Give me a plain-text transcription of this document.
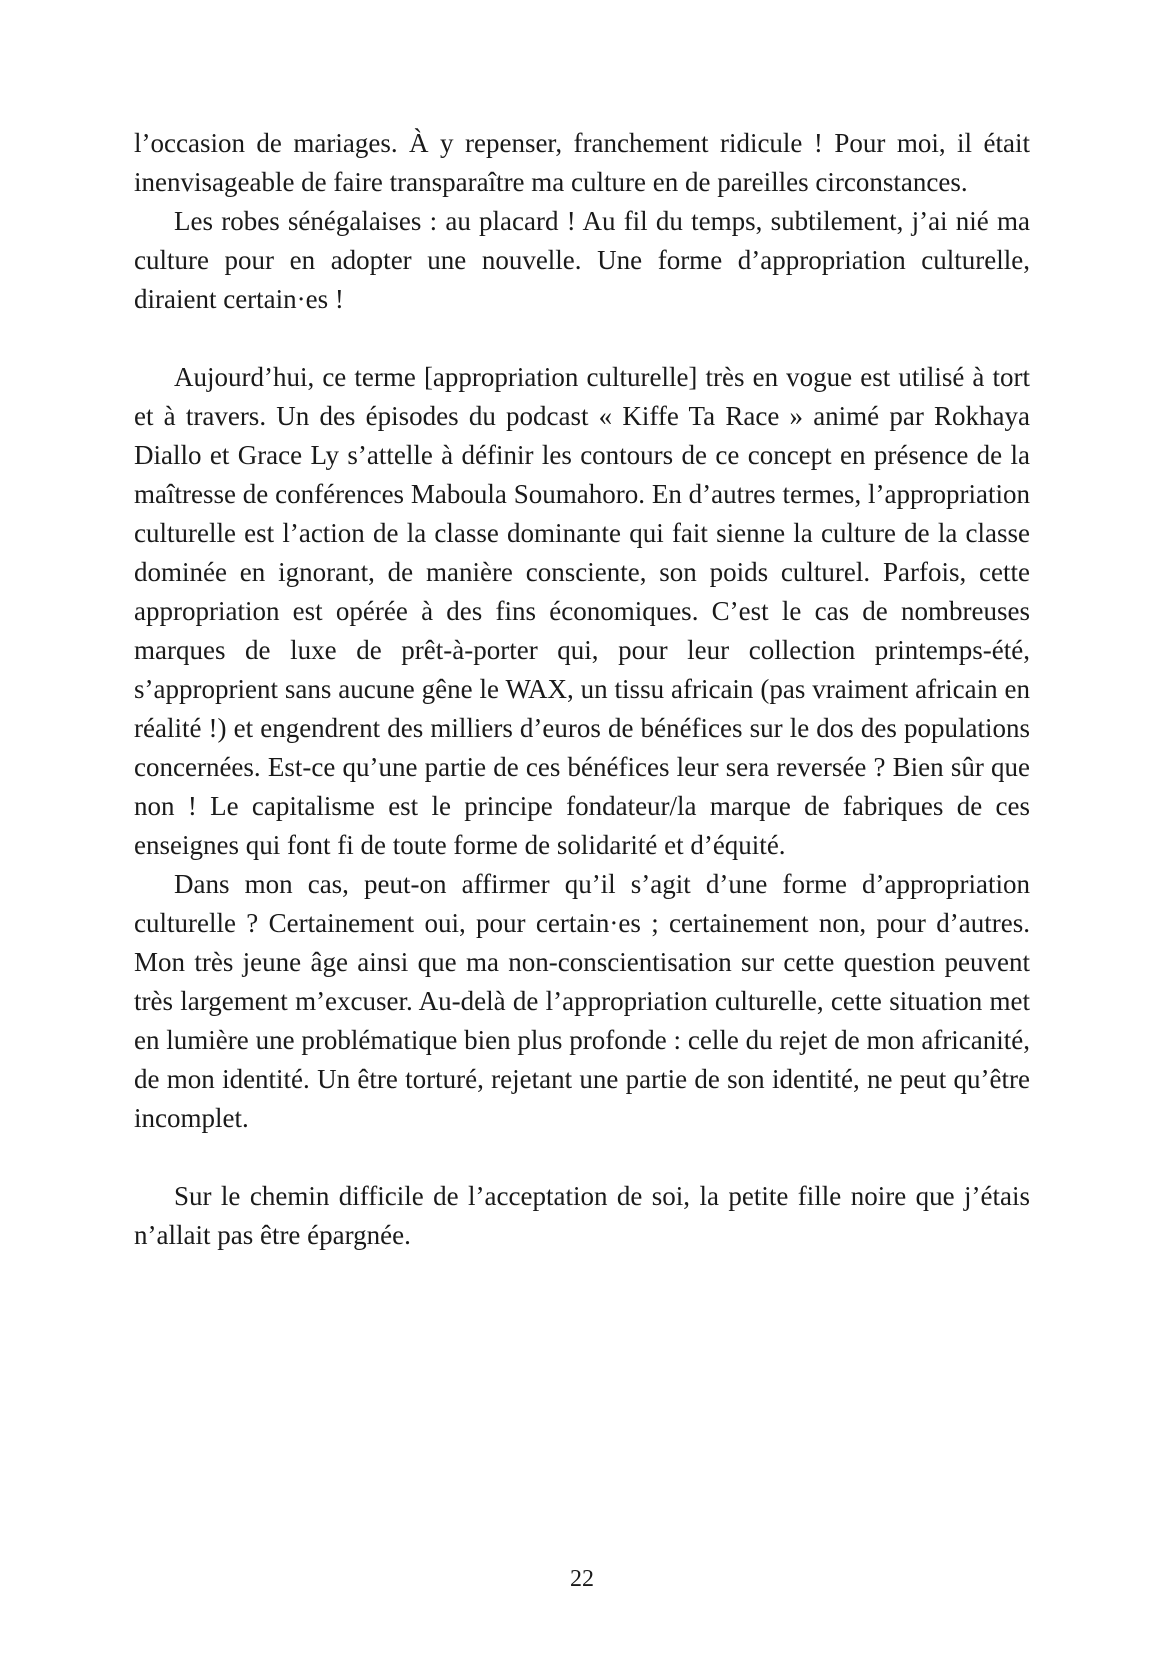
l’occasion de mariages. À y repenser, franchement ridicule ! Pour moi, il était inenvisageable de faire transparaître ma culture en de pareilles circonstances.

Les robes sénégalaises : au placard ! Au fil du temps, subtilement, j’ai nié ma culture pour en adopter une nouvelle. Une forme d’appropriation culturelle, diraient certain·es !

Aujourd’hui, ce terme [appropriation culturelle] très en vogue est utilisé à tort et à travers. Un des épisodes du podcast « Kiffe Ta Race » animé par Rokhaya Diallo et Grace Ly s’attelle à définir les contours de ce concept en présence de la maîtresse de conférences Maboula Soumahoro. En d’autres termes, l’appropriation culturelle est l’action de la classe dominante qui fait sienne la culture de la classe dominée en ignorant, de manière consciente, son poids culturel. Parfois, cette appropriation est opérée à des fins économiques. C’est le cas de nombreuses marques de luxe de prêt-à-porter qui, pour leur collection printemps-été, s’approprient sans aucune gêne le WAX, un tissu africain (pas vraiment africain en réalité !) et engendrent des milliers d’euros de bénéfices sur le dos des populations concernées. Est-ce qu’une partie de ces bénéfices leur sera reversée ? Bien sûr que non ! Le capitalisme est le principe fondateur/la marque de fabriques de ces enseignes qui font fi de toute forme de solidarité et d’équité.

Dans mon cas, peut-on affirmer qu’il s’agit d’une forme d’appropriation culturelle ? Certainement oui, pour certain·es ; certainement non, pour d’autres. Mon très jeune âge ainsi que ma non-conscientisation sur cette question peuvent très largement m’excuser. Au-delà de l’appropriation culturelle, cette situation met en lumière une problématique bien plus profonde : celle du rejet de mon africanité, de mon identité. Un être torturé, rejetant une partie de son identité, ne peut qu’être incomplet.

Sur le chemin difficile de l’acceptation de soi, la petite fille noire que j’étais n’allait pas être épargnée.

22
